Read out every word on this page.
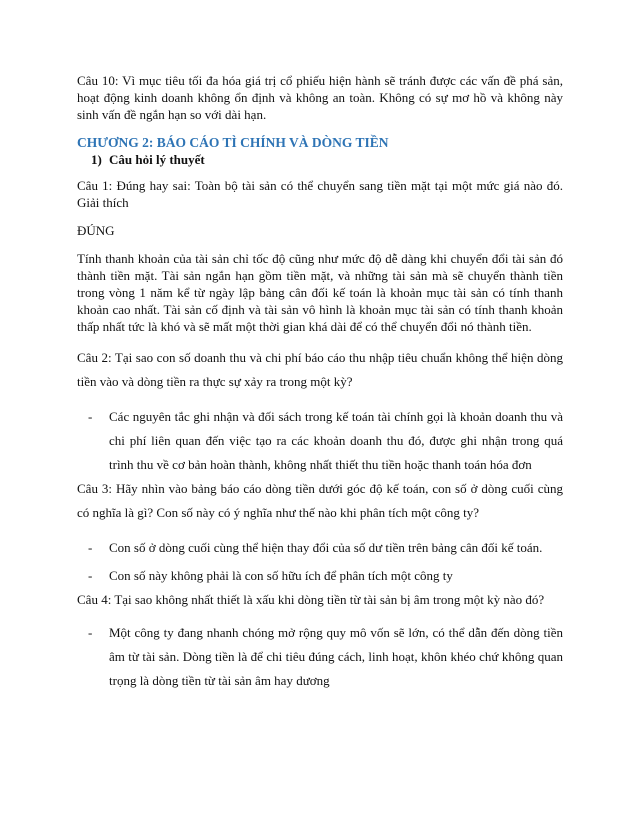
Câu 10: Vì mục tiêu tối đa hóa giá trị cổ phiếu hiện hành sẽ tránh được các vấn đề phá sản, hoạt động kinh doanh không ổn định và không an toàn. Không có sự mơ hồ và không này sinh vấn đề ngắn hạn so với dài hạn.

CHƯƠNG 2: BÁO CÁO TÌ CHÍNH VÀ DÒNG TIỀN
1) Câu hỏi lý thuyết

Câu 1: Đúng hay sai: Toàn bộ tài sản có thể chuyển sang tiền mặt tại một mức giá nào đó. Giải thích

ĐÚNG

Tính thanh khoản của tài sản chỉ tốc độ cũng như mức độ dễ dàng khi chuyển đổi tài sản đó thành tiền mặt. Tài sản ngắn hạn gồm tiền mặt, và những tài sản mà sẽ chuyển thành tiền trong vòng 1 năm kể từ ngày lập bảng cân đối kế toán là khoản mục tài sản có tính thanh khoản cao nhất. Tài sản cố định và tài sản vô hình là khoản mục tài sản có tính thanh khoản thấp nhất tức là khó và sẽ mất một thời gian khá dài để có thể chuyển đổi nó thành tiền.

Câu 2: Tại sao con số doanh thu và chi phí báo cáo thu nhập tiêu chuẩn không thể hiện dòng tiền vào và dòng tiền ra thực sự xảy ra trong một kỳ?

- Các nguyên tắc ghi nhận và đối sách trong kế toán tài chính gọi là khoản doanh thu và chi phí liên quan đến việc tạo ra các khoản doanh thu đó, được ghi nhận trong quá trình thu về cơ bản hoàn thành, không nhất thiết thu tiền hoặc thanh toán hóa đơn

Câu 3: Hãy nhìn vào bảng báo cáo dòng tiền dưới góc độ kế toán, con số ở dòng cuối cùng có nghĩa là gì? Con số này có ý nghĩa như thế nào khi phân tích một công ty?

- Con số ở dòng cuối cùng thể hiện thay đổi của số dư tiền trên bảng cân đối kế toán.
- Con số này không phải là con số hữu ích để phân tích một công ty

Câu 4: Tại sao không nhất thiết là xấu khi dòng tiền từ tài sản bị âm trong một kỳ nào đó?

- Một công ty đang nhanh chóng mở rộng quy mô vốn sẽ lớn, có thể dẫn đến dòng tiền âm từ tài sản. Dòng tiền là để chi tiêu đúng cách, linh hoạt, khôn khéo chứ không quan trọng là dòng tiền từ tài sản âm hay dương
